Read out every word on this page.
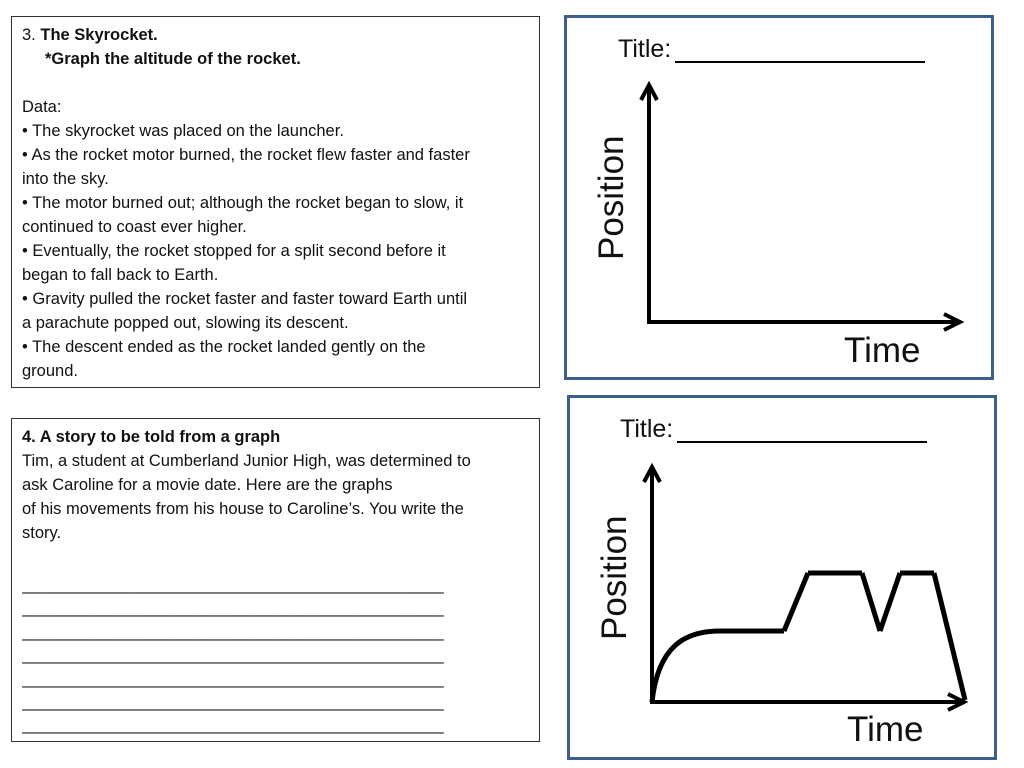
3. The Skyrocket.
*Graph the altitude of the rocket.
Data:
• The skyrocket was placed on the launcher.
• As the rocket motor burned, the rocket flew faster and faster
into the sky.
• The motor burned out; although the rocket began to slow, it
continued to coast ever higher.
• Eventually, the rocket stopped for a split second before it
began to fall back to Earth.
• Gravity pulled the rocket faster and faster toward Earth until
a parachute popped out, slowing its descent.
• The descent ended as the rocket landed gently on the
ground.
4. A story to be told from a graph
Tim, a student at Cumberland Junior High, was determined to
ask Caroline for a movie date. Here are the graphs
of his movements from his house to Caroline’s. You write the
story.
________________________________________________
________________________________________________
________________________________________________
________________________________________________
________________________________________________
________________________________________________
________________________________________________
Title:
Position
Time
Title:
Position
Time
